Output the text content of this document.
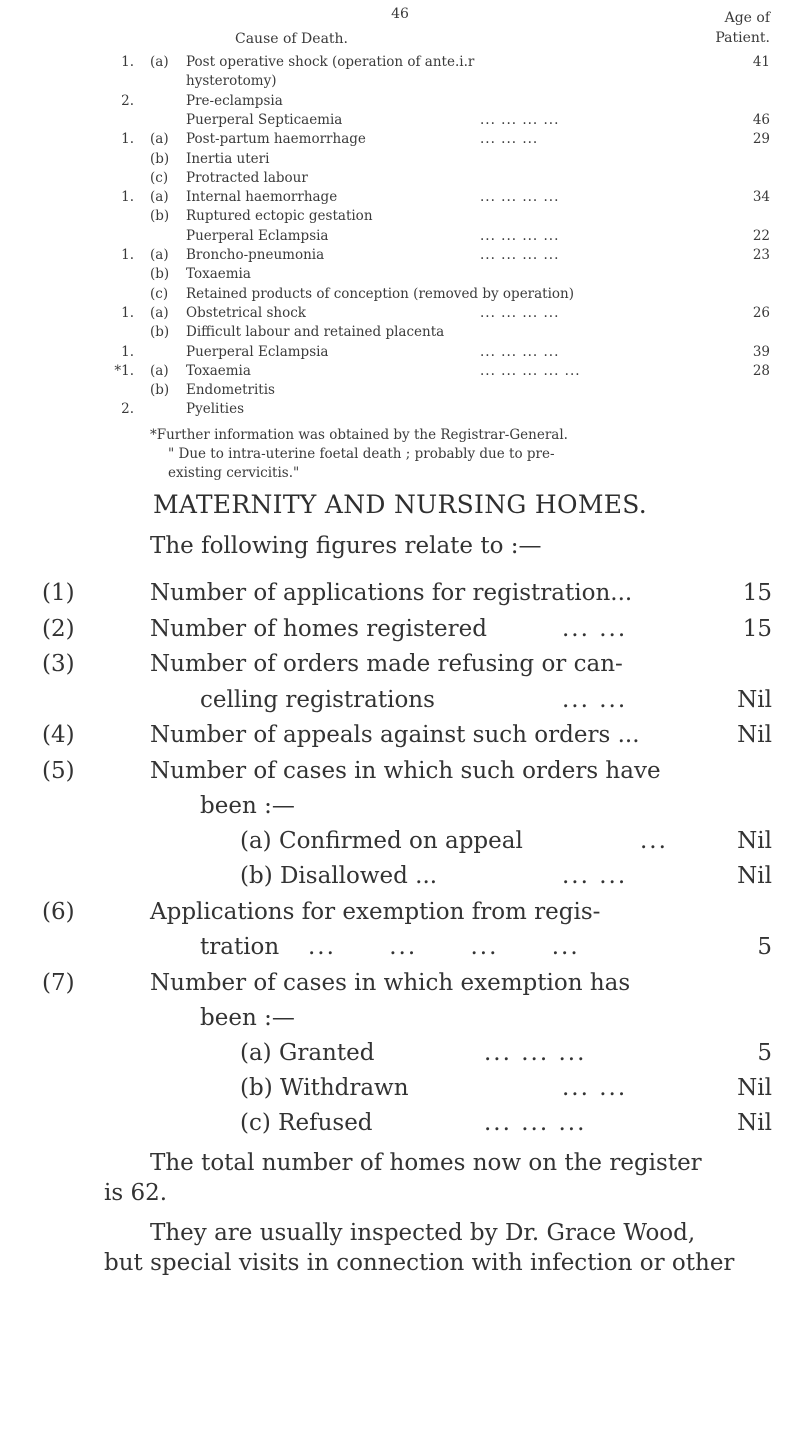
46	Age of
Cause of Death.	Patient.
1. (a) Post operative shock (operation of ante.i.r	41
hysterotomy)
2.	Pre-eclampsia
Puerperal Septicaemia	... ... ... ...	46
1. (a) Post-partum haemorrhage	... ... ...	29
(b) Inertia uteri
(c) Protracted labour
1. (a) Internal haemorrhage	... ... ... ...	34
(b) Ruptured ectopic gestation
Puerperal Eclampsia	... ... ... ...	22
1. (a) Broncho-pneumonia	... ... ... ...	23
(b) Toxaemia
(c) Retained products of conception (removed by operation)
1. (a) Obstetrical shock	... ... ... ...	26
(b) Difficult labour and retained placenta
1.	Puerperal Eclampsia	... ... ... ...	39
*1. (a) Toxaemia	... ... ... ... ...	28
(b) Endometritis
2.	Pyelities
*Further information was obtained by the Registrar-General.
" Due to intra-uterine foetal death ; probably due to pre-
existing cervicitis."
MATERNITY AND NURSING HOMES.
The following figures relate to :—
(1)	Number of applications for registration...	15
(2)	Number of homes registered	... ...	15
(3)	Number of orders made refusing or can-
celling registrations	... ...	Nil
(4)	Number of appeals against such orders ...	Nil
(5)	Number of cases in which such orders have
been :—
(a) Confirmed on appeal	...	Nil
(b) Disallowed ...	... ...	Nil
(6)	Applications for exemption from regis-
tration ... ... ... ...	5
(7)	Number of cases in which exemption has
been :—
(a) Granted	... ... ...	5
(b) Withdrawn	... ...	Nil
(c) Refused	... ... ...	Nil
The total number of homes now on the register
is 62.
They are usually inspected by Dr. Grace Wood,
but special visits in connection with infection or other
